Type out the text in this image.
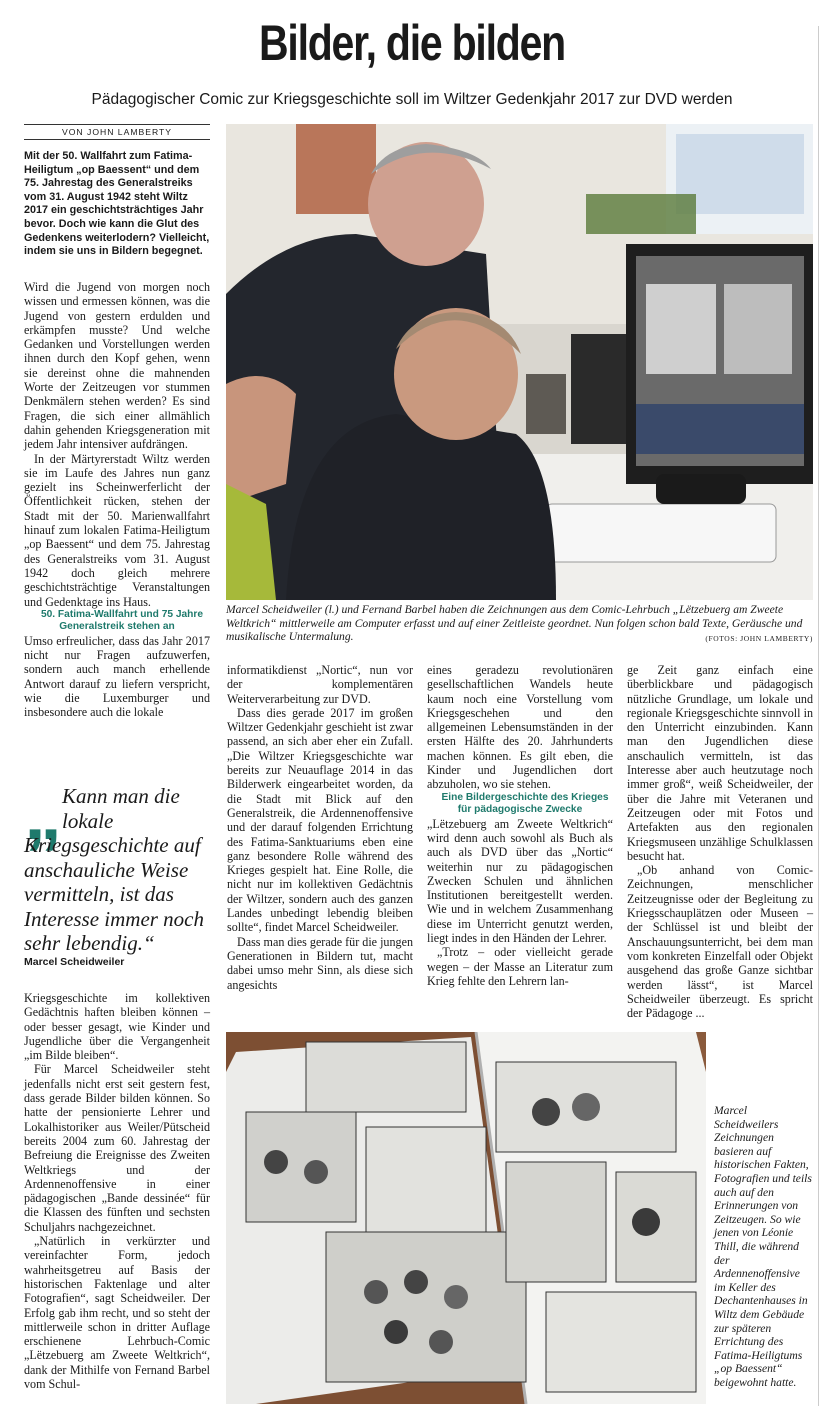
Bilder, die bilden
Pädagogischer Comic zur Kriegsgeschichte soll im Wiltzer Gedenkjahr 2017 zur DVD werden
VON JOHN LAMBERTY
Mit der 50. Wallfahrt zum Fatima-Heiligtum „op Baessent“ und dem 75. Jahrestag des Generalstreiks vom 31. August 1942 steht Wiltz 2017 ein geschichtsträchtiges Jahr bevor. Doch wie kann die Glut des Gedenkens weiterlodern? Vielleicht, indem sie uns in Bildern begegnet.

Wird die Jugend von morgen noch wissen und ermessen können, was die Jugend von gestern erdulden und erkämpfen musste? Und welche Gedanken und Vorstellungen werden ihnen durch den Kopf gehen, wenn sie dereinst ohne die mahnenden Worte der Zeitzeugen vor stummen Denkmälern stehen werden? Es sind Fragen, die sich einer allmählich dahin gehenden Kriegsgeneration mit jedem Jahr intensiver aufdrängen.

In der Märtyrerstadt Wiltz werden sie im Laufe des Jahres nun ganz gezielt ins Scheinwerferlicht der Öffentlichkeit rücken, stehen der Stadt mit der 50. Marienwallfahrt hinauf zum lokalen Fatima-Heiligtum „op Baessent“ und dem 75. Jahrestag des Generalstreiks vom 31. August 1942 doch gleich mehrere geschichtsträchtige Veranstaltungen und Gedenktage ins Haus.

50. Fatima-Wallfahrt und 75 Jahre Generalstreik stehen an

Umso erfreulicher, dass das Jahr 2017 nicht nur Fragen aufzuwerfen, sondern auch manch erhellende Antwort darauf zu liefern verspricht, wie die Luxemburger und insbesondere auch die lokale

„ Kann man die lokale Kriegsgeschichte auf anschauliche Weise vermitteln, ist das Interesse immer noch sehr lebendig.“
Marcel Scheidweiler

Kriegsgeschichte im kollektiven Gedächtnis haften bleiben können – oder besser gesagt, wie Kinder und Jugendliche über die Vergangenheit „im Bilde bleiben“.

Für Marcel Scheidweiler steht jedenfalls nicht erst seit gestern fest, dass gerade Bilder bilden können. So hatte der pensionierte Lehrer und Lokalhistoriker aus Weiler/Pütscheid bereits 2004 zum 60. Jahrestag der Befreiung die Ereignisse des Zweiten Weltkriegs und der Ardennenoffensive in einer pädagogischen „Bande dessinée“ für die Klassen des fünften und sechsten Schuljahrs nachgezeichnet.

„Natürlich in verkürzter und vereinfachter Form, jedoch wahrheitsgetreu auf Basis der historischen Faktenlage und alter Fotografien“, sagt Scheidweiler. Der Erfolg gab ihm recht, und so steht der mittlerweile schon in dritter Auflage erschienene Lehrbuch-Comic „Lëtzebuerg am Zweete Weltkrich“, dank der Mithilfe von Fernand Barbel vom Schul-

Marcel Scheidweiler (l.) und Fernand Barbel haben die Zeichnungen aus dem Comic-Lehrbuch „Lëtzebuerg am Zweete Weltkrich“ mittlerweile am Computer erfasst und auf einer Zeitleiste geordnet. Nun folgen schon bald Texte, Geräusche und musikalische Untermalung.	(FOTOS: JOHN LAMBERTY)

informatikdienst „Nortic“, nun vor der komplementären Weiterverarbeitung zur DVD.

Dass dies gerade 2017 im großen Wiltzer Gedenkjahr geschieht ist zwar passend, an sich aber eher ein Zufall. „Die Wiltzer Kriegsgeschichte war bereits zur Neuauflage 2014 in das Bilderwerk eingearbeitet worden, da die Stadt mit Blick auf den Generalstreik, die Ardennenoffensive und der darauf folgenden Errichtung des Fatima-Sanktuariums eben eine ganz besondere Rolle während des Krieges gespielt hat. Eine Rolle, die nicht nur im kollektiven Gedächtnis der Wiltzer, sondern auch des ganzen Landes unbedingt lebendig bleiben sollte“, findet Marcel Scheidweiler.

Dass man dies gerade für die jungen Generationen in Bildern tut, macht dabei umso mehr Sinn, als diese sich angesichts

eines geradezu revolutionären gesellschaftlichen Wandels heute kaum noch eine Vorstellung vom Kriegsgeschehen und den allgemeinen Lebensumständen in der ersten Hälfte des 20. Jahrhunderts machen können. Es gilt eben, die Kinder und Jugendlichen dort abzuholen, wo sie stehen.

Eine Bildergeschichte des Krieges für pädagogische Zwecke

„Lëtzebuerg am Zweete Weltkrich“ wird denn auch sowohl als Buch als auch als DVD über das „Nortic“ weiterhin nur zu pädagogischen Zwecken Schulen und ähnlichen Institutionen bereitgestellt werden. Wie und in welchem Zusammenhang diese im Unterricht genutzt werden, liegt indes in den Händen der Lehrer.

„Trotz – oder vielleicht gerade wegen – der Masse an Literatur zum Krieg fehlte den Lehrern lan-

ge Zeit ganz einfach eine überblickbare und pädagogisch nützliche Grundlage, um lokale und regionale Kriegsgeschichte sinnvoll in den Unterricht einzubinden. Kann man den Jugendlichen diese anschaulich vermitteln, ist das Interesse aber auch heutzutage noch immer groß“, weiß Scheidweiler, der über die Jahre mit Veteranen und Zeitzeugen oder mit Fotos und Artefakten aus den regionalen Kriegsmuseen unzählige Schulklassen besucht hat.

„Ob anhand von Comic-Zeichnungen, menschlicher Zeitzeugnisse oder der Begleitung zu Kriegsschauplätzen oder Museen – der Schlüssel ist und bleibt der Anschauungsunterricht, bei dem man vom konkreten Einzelfall oder Objekt ausgehend das große Ganze sichtbar werden lässt“, ist Marcel Scheidweiler überzeugt. Es spricht der Pädagoge ...

Marcel Scheidweilers Zeichnungen basieren auf historischen Fakten, Fotografien und teils auch auf den Erinnerungen von Zeitzeugen. So wie jenen von Léonie Thill, die während der Ardennenoffensive im Keller des Dechantenhauses in Wiltz dem Gebäude zur späteren Errichtung des Fatima-Heiligtums „op Baessent“ beigewohnt hatte.
